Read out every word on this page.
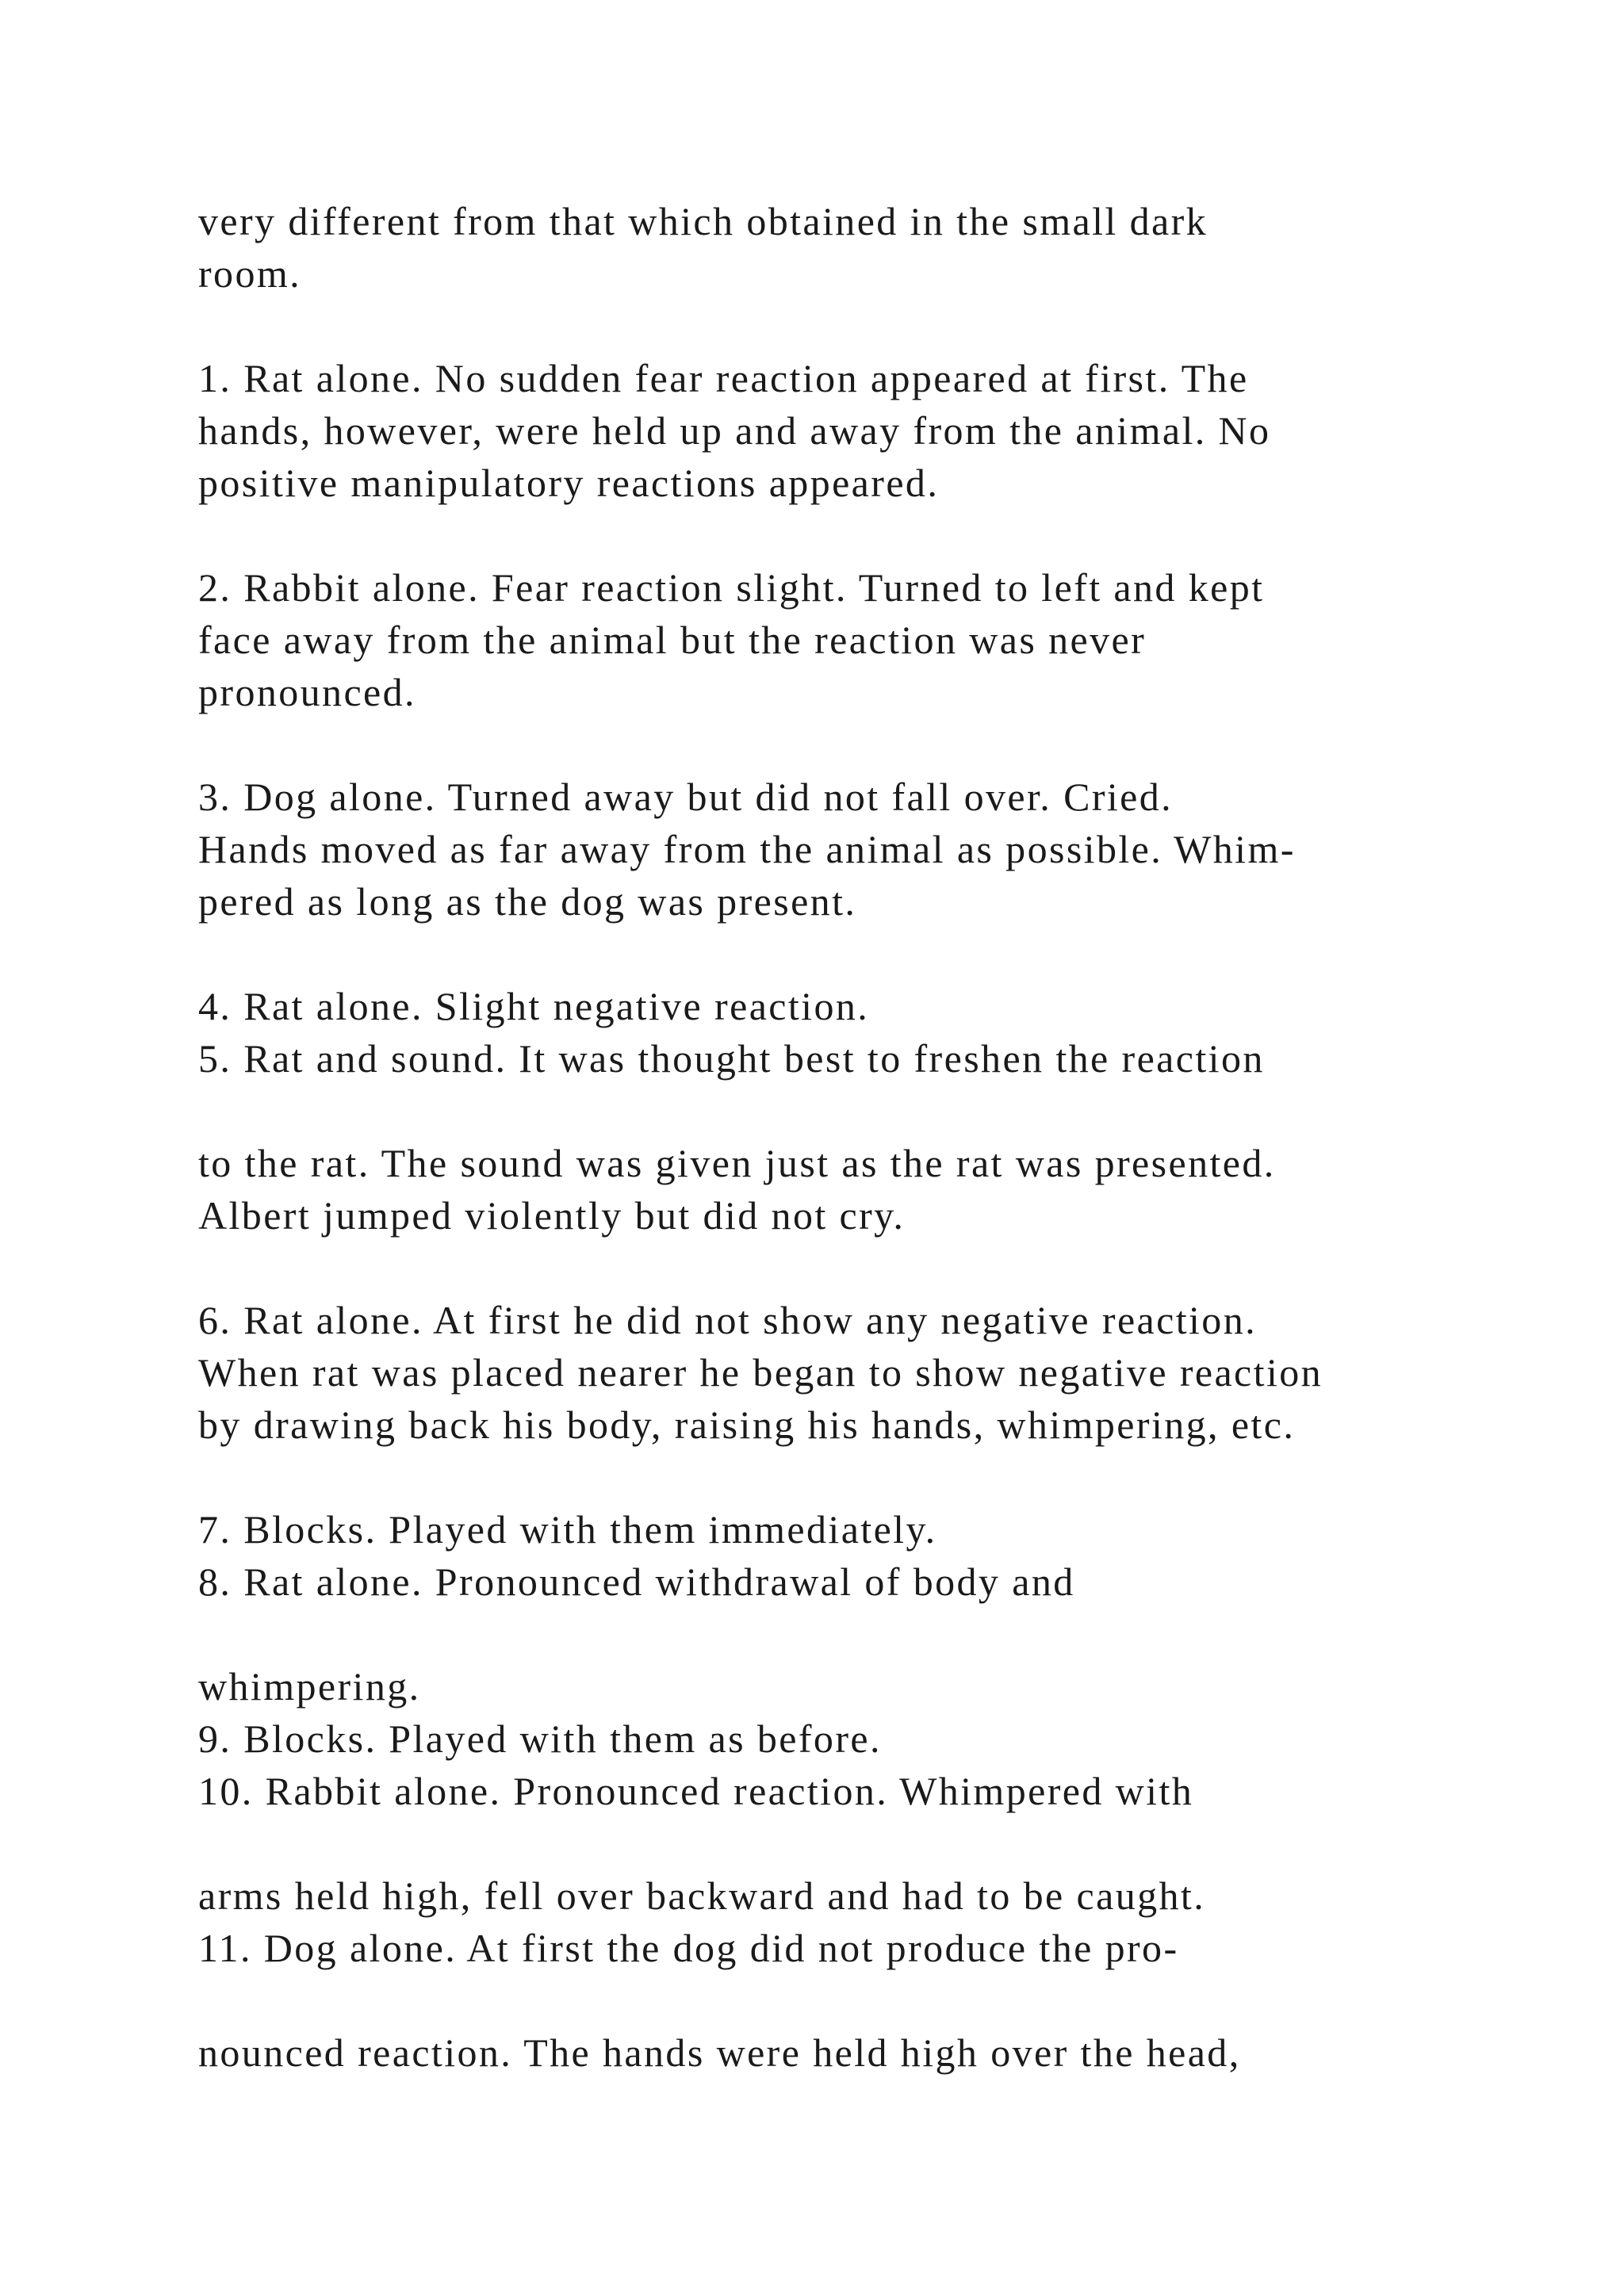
very different from that which obtained in the small dark
room.
1. Rat alone. No sudden fear reaction appeared at first. The
hands, however, were held up and away from the animal. No
positive manipulatory reactions appeared.
2. Rabbit alone. Fear reaction slight. Turned to left and kept
face away from the animal but the reaction was never
pronounced.
3. Dog alone. Turned away but did not fall over. Cried.
Hands moved as far away from the animal as possible. Whim-
pered as long as the dog was present.
4. Rat alone. Slight negative reaction.
5. Rat and sound. It was thought best to freshen the reaction
to the rat. The sound was given just as the rat was presented.
Albert jumped violently but did not cry.
6. Rat alone. At first he did not show any negative reaction.
When rat was placed nearer he began to show negative reaction
by drawing back his body, raising his hands, whimpering, etc.
7. Blocks. Played with them immediately.
8. Rat alone. Pronounced withdrawal of body and
whimpering.
9. Blocks. Played with them as before.
10. Rabbit alone. Pronounced reaction. Whimpered with
arms held high, fell over backward and had to be caught.
11. Dog alone. At first the dog did not produce the pro-
nounced reaction. The hands were held high over the head,
